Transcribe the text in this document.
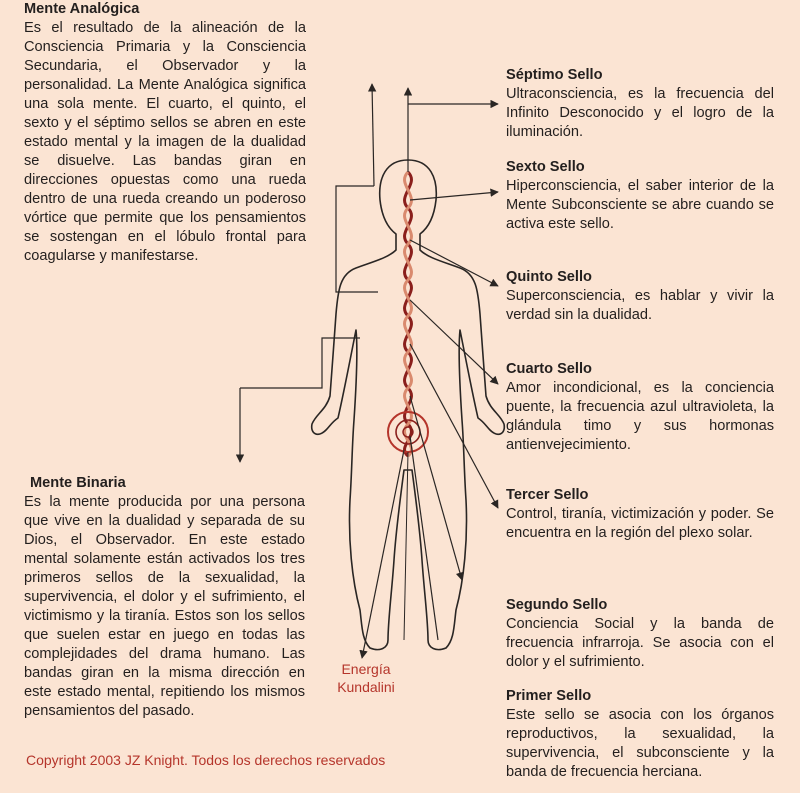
Mente Analógica

Es el resultado de la alineación de la Consciencia Primaria y la Consciencia Secundaria, el Observador y la personalidad. La Mente Analógica significa una sola mente. El cuarto, el quinto, el sexto y el séptimo sellos se abren en este estado mental y la imagen de la dualidad se disuelve. Las bandas giran en direcciones opuestas como una rueda dentro de una rueda creando un poderoso vórtice que permite que los pensamientos se sostengan en el lóbulo frontal para coagularse y manifestarse.

Mente Binaria

Es la mente producida por una persona que vive en la dualidad y separada de su Dios, el Observador. En este estado mental solamente están activados los tres primeros sellos de la sexualidad, la supervivencia, el dolor y el sufrimiento, el victimismo y la tiranía. Estos son los sellos que suelen estar en juego en todas las complejidades del drama humano. Las bandas giran en la misma dirección en este estado mental, repitiendo los mismos pensamientos del pasado.

Séptimo Sello

Ultraconsciencia, es la frecuencia del Infinito Desconocido y el logro de la iluminación.

Sexto Sello

Hiperconsciencia, el saber interior de la Mente Subconsciente se abre cuando se activa este sello.

Quinto Sello

Superconsciencia, es hablar y vivir la verdad sin la dualidad.

Cuarto Sello

Amor incondicional, es la conciencia puente, la frecuencia azul ultravioleta, la glándula timo y sus hormonas antienvejecimiento.

Tercer Sello

Control, tiranía, victimización y poder. Se encuentra en la región del plexo solar.

Segundo Sello

Conciencia Social y la banda de frecuencia infrarroja. Se asocia con el dolor y el sufrimiento.

Primer Sello

Este sello se asocia con los órganos reproductivos, la sexualidad, la supervivencia, el subconsciente y la banda de frecuencia herciana.

Energía Kundalini
Copyright 2003 JZ Knight. Todos los derechos reservados
